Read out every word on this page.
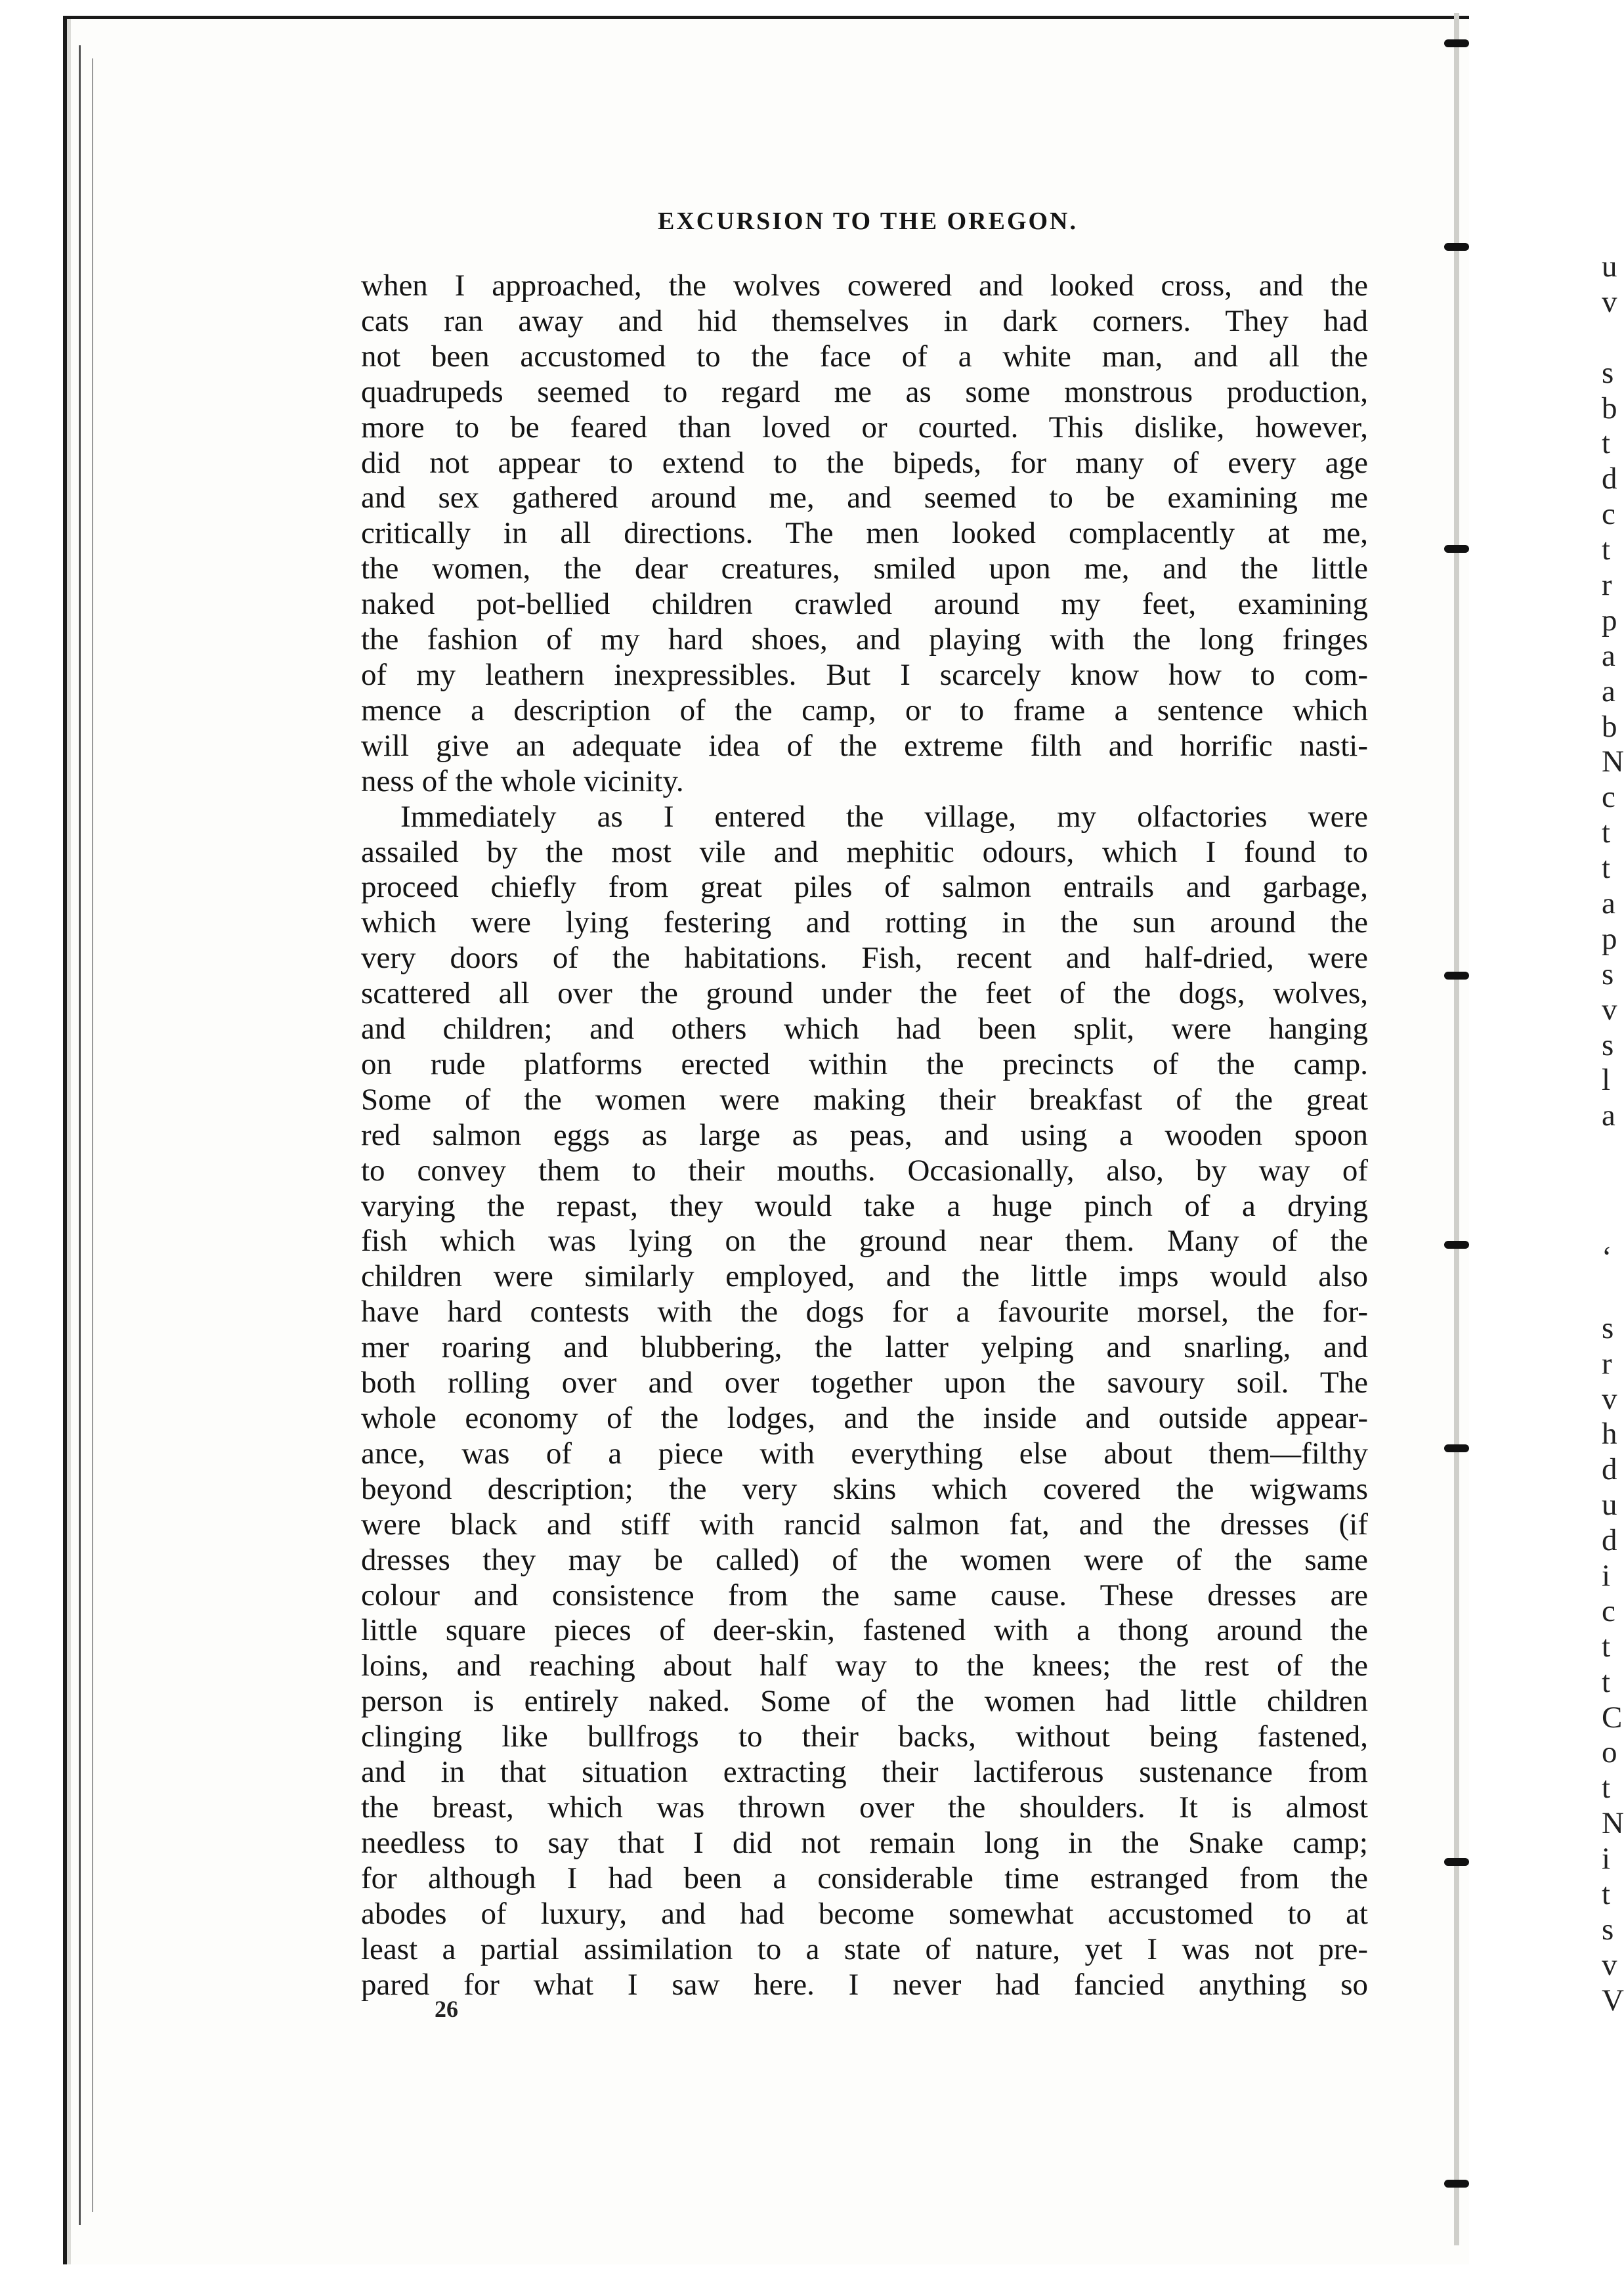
EXCURSION TO THE OREGON.
when I approached, the wolves cowered and looked cross, and the
cats ran away and hid themselves in dark corners. They had
not been accustomed to the face of a white man, and all the
quadrupeds seemed to regard me as some monstrous production,
more to be feared than loved or courted. This dislike, however,
did not appear to extend to the bipeds, for many of every age
and sex gathered around me, and seemed to be examining me
critically in all directions. The men looked complacently at me,
the women, the dear creatures, smiled upon me, and the little
naked pot-bellied children crawled around my feet, examining
the fashion of my hard shoes, and playing with the long fringes
of my leathern inexpressibles. But I scarcely know how to com-
mence a description of the camp, or to frame a sentence which
will give an adequate idea of the extreme filth and horrific nasti-
ness of the whole vicinity.
Immediately as I entered the village, my olfactories were
assailed by the most vile and mephitic odours, which I found to
proceed chiefly from great piles of salmon entrails and garbage,
which were lying festering and rotting in the sun around the
very doors of the habitations. Fish, recent and half-dried, were
scattered all over the ground under the feet of the dogs, wolves,
and children; and others which had been split, were hanging
on rude platforms erected within the precincts of the camp.
Some of the women were making their breakfast of the great
red salmon eggs as large as peas, and using a wooden spoon
to convey them to their mouths. Occasionally, also, by way of
varying the repast, they would take a huge pinch of a drying
fish which was lying on the ground near them. Many of the
children were similarly employed, and the little imps would also
have hard contests with the dogs for a favourite morsel, the for-
mer roaring and blubbering, the latter yelping and snarling, and
both rolling over and over together upon the savoury soil. The
whole economy of the lodges, and the inside and outside appear-
ance, was of a piece with everything else about them—filthy
beyond description; the very skins which covered the wigwams
were black and stiff with rancid salmon fat, and the dresses (if
dresses they may be called) of the women were of the same
colour and consistence from the same cause. These dresses are
little square pieces of deer-skin, fastened with a thong around the
loins, and reaching about half way to the knees; the rest of the
person is entirely naked. Some of the women had little children
clinging like bullfrogs to their backs, without being fastened,
and in that situation extracting their lactiferous sustenance from
the breast, which was thrown over the shoulders. It is almost
needless to say that I did not remain long in the Snake camp;
for although I had been a considerable time estranged from the
abodes of luxury, and had become somewhat accustomed to at
least a partial assimilation to a state of nature, yet I was not pre-
pared for what I saw here. I never had fancied anything so
26
u
v
s
b
t
d
c
t
r
p
a
a
b
N
c
t
t
a
p
s
v
s
l
a
‘
s
r
v
h
d
u
d
i
c
t
t
C
o
t
N
i
t
s
v
V
